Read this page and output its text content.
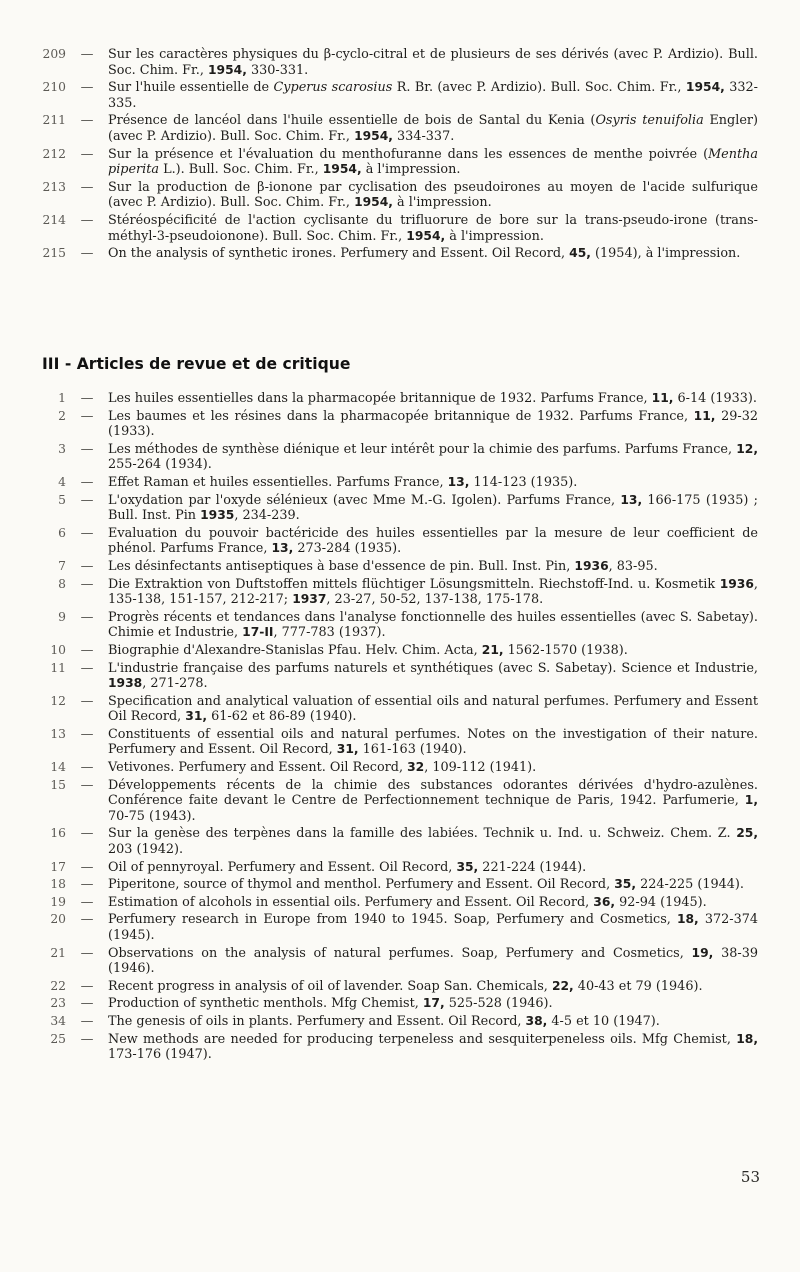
209	—	Sur les caractères physiques du β-cyclo-citral et de plusieurs de ses dérivés (avec P. Ardizio). Bull. Soc. Chim. Fr., 1954, 330-331.
210	—	Sur l'huile essentielle de Cyperus scarosius R. Br. (avec P. Ardizio). Bull. Soc. Chim. Fr., 1954, 332-335.
211	—	Présence de lancéol dans l'huile essentielle de bois de Santal du Kenia (Osyris tenuifolia Engler) (avec P. Ardizio). Bull. Soc. Chim. Fr., 1954, 334-337.
212	—	Sur la présence et l'évaluation du menthofuranne dans les essences de menthe poivrée (Mentha piperita L.). Bull. Soc. Chim. Fr., 1954, à l'impression.
213	—	Sur la production de β-ionone par cyclisation des pseudoirones au moyen de l'acide sulfurique (avec P. Ardizio). Bull. Soc. Chim. Fr., 1954, à l'impression.
214	—	Stéréospécificité de l'action cyclisante du trifluorure de bore sur la trans-pseudo-irone (trans-méthyl-3-pseudoionone). Bull. Soc. Chim. Fr., 1954, à l'impression.
215	—	On the analysis of synthetic irones. Perfumery and Essent. Oil Record, 45, (1954), à l'impression.
III - Articles de revue et de critique
1	—	Les huiles essentielles dans la pharmacopée britannique de 1932. Parfums France, 11, 6-14 (1933).
2	—	Les baumes et les résines dans la pharmacopée britannique de 1932. Parfums France, 11, 29-32 (1933).
3	—	Les méthodes de synthèse diénique et leur intérêt pour la chimie des parfums. Parfums France, 12, 255-264 (1934).
4	—	Effet Raman et huiles essentielles. Parfums France, 13, 114-123 (1935).
5	—	L'oxydation par l'oxyde sélénieux (avec Mme M.-G. Igolen). Parfums France, 13, 166-175 (1935) ; Bull. Inst. Pin 1935, 234-239.
6	—	Evaluation du pouvoir bactéricide des huiles essentielles par la mesure de leur coefficient de phénol. Parfums France, 13, 273-284 (1935).
7	—	Les désinfectants antiseptiques à base d'essence de pin. Bull. Inst. Pin, 1936, 83-95.
8	—	Die Extraktion von Duftstoffen mittels flüchtiger Lösungsmitteln. Riechstoff-Ind. u. Kosmetik 1936, 135-138, 151-157, 212-217; 1937, 23-27, 50-52, 137-138, 175-178.
9	—	Progrès récents et tendances dans l'analyse fonctionnelle des huiles essentielles (avec S. Sabetay). Chimie et Industrie, 17-II, 777-783 (1937).
10	—	Biographie d'Alexandre-Stanislas Pfau. Helv. Chim. Acta, 21, 1562-1570 (1938).
11	—	L'industrie française des parfums naturels et synthétiques (avec S. Sabetay). Science et Industrie, 1938, 271-278.
12	—	Specification and analytical valuation of essential oils and natural perfumes. Perfumery and Essent Oil Record, 31, 61-62 et 86-89 (1940).
13	—	Constituents of essential oils and natural perfumes. Notes on the investigation of their nature. Perfumery and Essent. Oil Record, 31, 161-163 (1940).
14	—	Vetivones. Perfumery and Essent. Oil Record, 32, 109-112 (1941).
15	—	Développements récents de la chimie des substances odorantes dérivées d'hydro-azulènes. Conférence faite devant le Centre de Perfectionnement technique de Paris, 1942. Parfumerie, 1, 70-75 (1943).
16	—	Sur la genèse des terpènes dans la famille des labiées. Technik u. Ind. u. Schweiz. Chem. Z. 25, 203 (1942).
17	—	Oil of pennyroyal. Perfumery and Essent. Oil Record, 35, 221-224 (1944).
18	—	Piperitone, source of thymol and menthol. Perfumery and Essent. Oil Record, 35, 224-225 (1944).
19	—	Estimation of alcohols in essential oils. Perfumery and Essent. Oil Record, 36, 92-94 (1945).
20	—	Perfumery research in Europe from 1940 to 1945. Soap, Perfumery and Cosmetics, 18, 372-374 (1945).
21	—	Observations on the analysis of natural perfumes. Soap, Perfumery and Cosmetics, 19, 38-39 (1946).
22	—	Recent progress in analysis of oil of lavender. Soap San. Chemicals, 22, 40-43 et 79 (1946).
23	—	Production of synthetic menthols. Mfg Chemist, 17, 525-528 (1946).
34	—	The genesis of oils in plants. Perfumery and Essent. Oil Record, 38, 4-5 et 10 (1947).
25	—	New methods are needed for producing terpeneless and sesquiterpeneless oils. Mfg Chemist, 18, 173-176 (1947).
53
